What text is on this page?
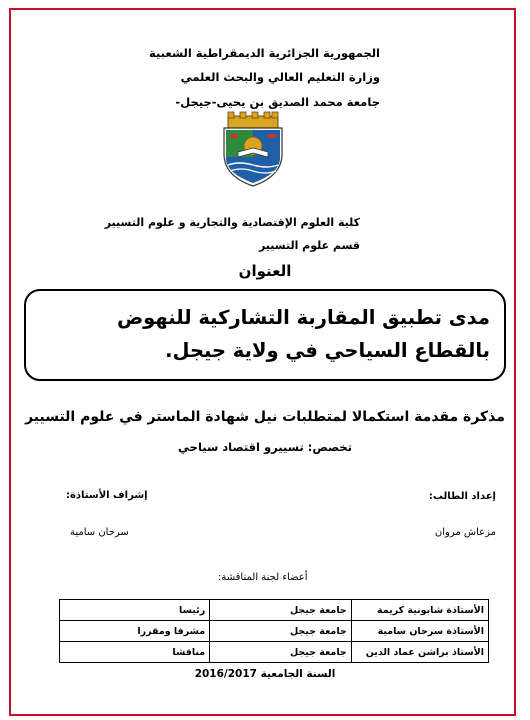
الجمهورية الجزائرية الديمقراطية الشعبية
وزارة التعليم العالي والبحث العلمي
جامعة محمد الصديق بن يحيى-جيجل-
كلية العلوم الإقتصادية والتجارية و علوم التسيير
قسم علوم التسيير
العنوان
مدى تطبيق المقاربة التشاركية للنهوض بالقطاع السياحي في ولاية جيجل.
مذكرة مقدمة استكمالا لمتطلبات نيل شهادة الماستر في علوم التسيير
تخصص: تسييرو اقتصاد سياحي
إعداد الطالب:
مزعاش مروان
إشراف الأستاذة:
سرحان سامية
أعضاء لجنة المناقشة:
الأستاذة شابونية كريمة	جامعة جيجل	رئيسا
الأستاذة سرحان سامية	جامعة جيجل	مشرفا ومقررا
الأستاذ براشن عماد الدين	جامعة جيجل	مناقشا
السنة الجامعية 2016/2017
